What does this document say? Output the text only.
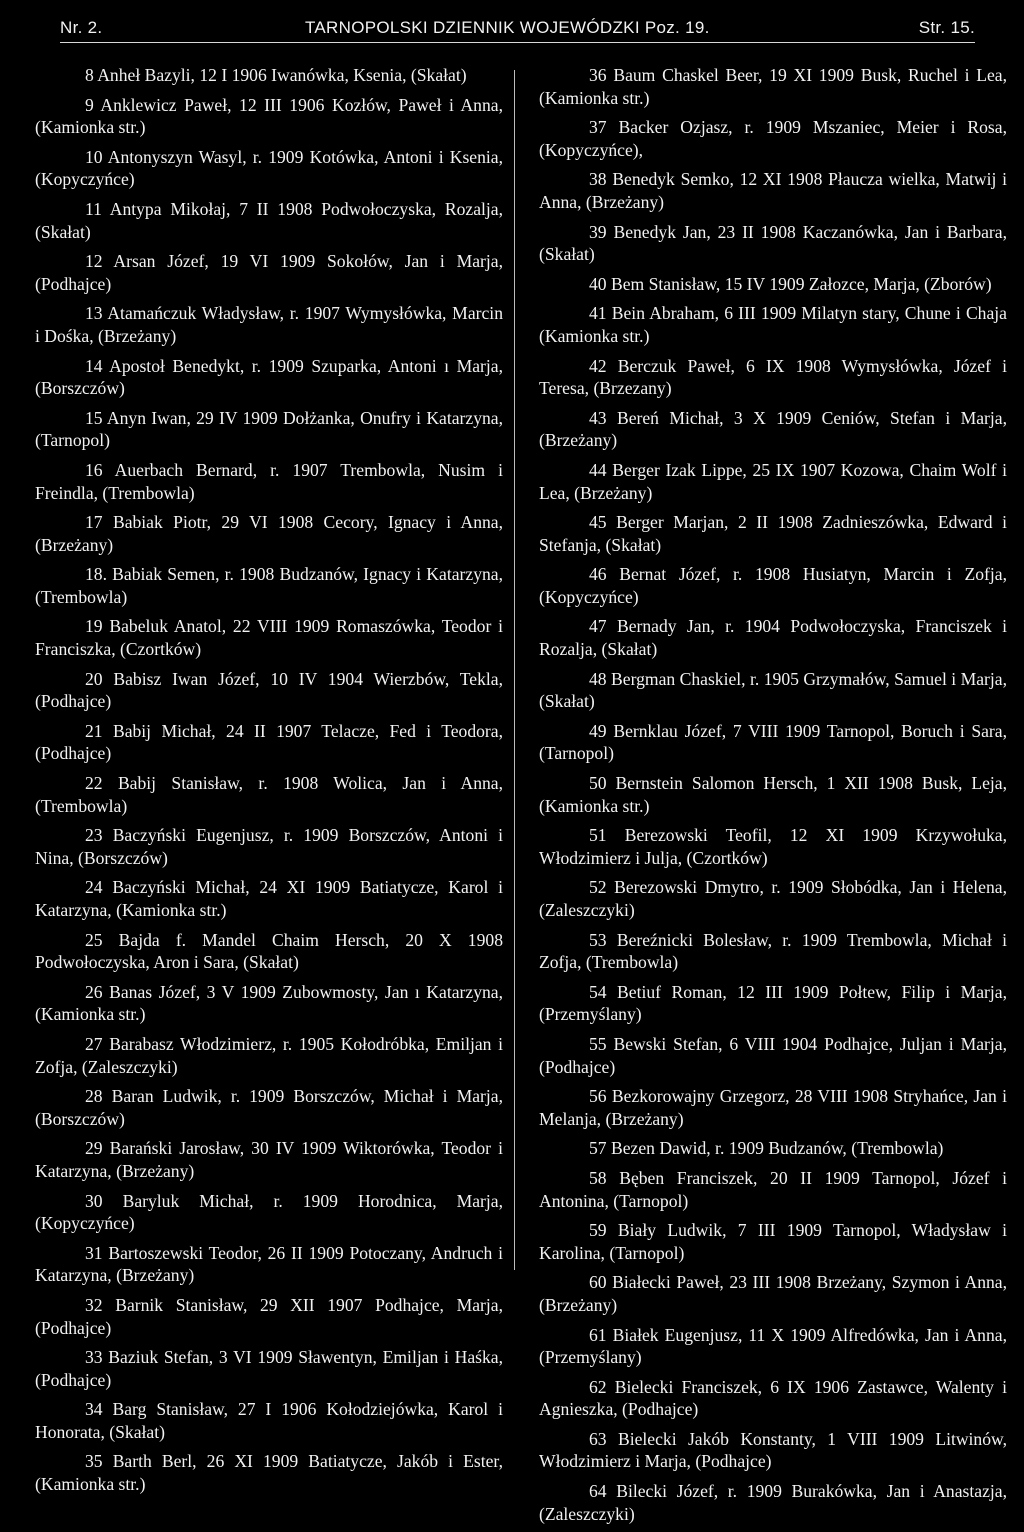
Nr. 2.	TARNOPOLSKI DZIENNIK WOJEWÓDZKI Poz. 19.	Str. 15.

8 Anheł Bazyli, 12 I 1906 Iwanówka, Ksenia, (Skałat)

9 Anklewicz Paweł, 12 III 1906 Kozłów, Paweł i Anna, (Kamionka str.)

10 Antonyszyn Wasyl, r. 1909 Kotówka, Antoni i Ksenia, (Kopyczyńce)

11 Antypa Mikołaj, 7 II 1908 Podwołoczyska, Rozalja, (Skałat)

12 Arsan Józef, 19 VI 1909 Sokołów, Jan i Marja, (Podhajce)

13 Atamańczuk Władysław, r. 1907 Wymysłówka, Marcin i Dośka, (Brzeżany)

14 Apostoł Benedykt, r. 1909 Szuparka, Antoni ı Marja, (Borszczów)

15 Anyn Iwan, 29 IV 1909 Dołżanka, Onufry i Katarzyna, (Tarnopol)

16 Auerbach Bernard, r. 1907 Trembowla, Nusim i Freindla, (Trembowla)

17 Babiak Piotr, 29 VI 1908 Cecory, Ignacy i Anna, (Brzeżany)

18. Babiak Semen, r. 1908 Budzanów, Ignacy i Katarzyna, (Trembowla)

19 Babeluk Anatol, 22 VIII 1909 Romaszówka, Teodor i Franciszka, (Czortków)

20 Babisz Iwan Józef, 10 IV 1904 Wierzbów, Tekla, (Podhajce)

21 Babij Michał, 24 II 1907 Telacze, Fed i Teodora, (Podhajce)

22 Babij Stanisław, r. 1908 Wolica, Jan i Anna, (Trembowla)

23 Baczyński Eugenjusz, r. 1909 Borszczów, Antoni i Nina, (Borszczów)

24 Baczyński Michał, 24 XI 1909 Batiatycze, Karol i Katarzyna, (Kamionka str.)

25 Bajda f. Mandel Chaim Hersch, 20 X 1908 Podwołoczyska, Aron i Sara, (Skałat)

26 Banas Józef, 3 V 1909 Zubowmosty, Jan ı Katarzyna, (Kamionka str.)

27 Barabasz Włodzimierz, r. 1905 Kołodróbka, Emiljan i Zofja, (Zaleszczyki)

28 Baran Ludwik, r. 1909 Borszczów, Michał i Marja, (Borszczów)

29 Barański Jarosław, 30 IV 1909 Wiktorówka, Teodor i Katarzyna, (Brzeżany)

30 Baryluk Michał, r. 1909 Horodnica, Marja, (Kopyczyńce)

31 Bartoszewski Teodor, 26 II 1909 Potoczany, Andruch i Katarzyna, (Brzeżany)

32 Barnik Stanisław, 29 XII 1907 Podhajce, Marja, (Podhajce)

33 Baziuk Stefan, 3 VI 1909 Sławentyn, Emiljan i Haśka, (Podhajce)

34 Barg Stanisław, 27 I 1906 Kołodziejówka, Karol i Honorata, (Skałat)

35 Barth Berl, 26 XI 1909 Batiatycze, Jakób i Ester, (Kamionka str.)

36 Baum Chaskel Beer, 19 XI 1909 Busk, Ruchel i Lea, (Kamionka str.)

37 Backer Ozjasz, r. 1909 Mszaniec, Meier i Rosa, (Kopyczyńce),

38 Benedyk Semko, 12 XI 1908 Płaucza wielka, Matwij i Anna, (Brzeżany)

39 Benedyk Jan, 23 II 1908 Kaczanówka, Jan i Barbara, (Skałat)

40 Bem Stanisław, 15 IV 1909 Załozce, Marja, (Zborów)

41 Bein Abraham, 6 III 1909 Milatyn stary, Chune i Chaja (Kamionka str.)

42 Berczuk Paweł, 6 IX 1908 Wymysłówka, Józef i Teresa, (Brzezany)

43 Bereń Michał, 3 X 1909 Ceniów, Stefan i Marja, (Brzeżany)

44 Berger Izak Lippe, 25 IX 1907 Kozowa, Chaim Wolf i Lea, (Brzeżany)

45 Berger Marjan, 2 II 1908 Zadnieszówka, Edward i Stefanja, (Skałat)

46 Bernat Józef, r. 1908 Husiatyn, Marcin i Zofja, (Kopyczyńce)

47 Bernady Jan, r. 1904 Podwołoczyska, Franciszek i Rozalja, (Skałat)

48 Bergman Chaskiel, r. 1905 Grzymałów, Samuel i Marja, (Skałat)

49 Bernklau Józef, 7 VIII 1909 Tarnopol, Boruch i Sara, (Tarnopol)

50 Bernstein Salomon Hersch, 1 XII 1908 Busk, Leja, (Kamionka str.)

51 Berezowski Teofil, 12 XI 1909 Krzywołuka, Włodzimierz i Julja, (Czortków)

52 Berezowski Dmytro, r. 1909 Słobódka, Jan i Helena, (Zaleszczyki)

53 Bereźnicki Bolesław, r. 1909 Trembowla, Michał i Zofja, (Trembowla)

54 Betiuf Roman, 12 III 1909 Połtew, Filip i Marja, (Przemyślany)

55 Bewski Stefan, 6 VIII 1904 Podhajce, Juljan i Marja, (Podhajce)

56 Bezkorowajny Grzegorz, 28 VIII 1908 Stryhańce, Jan i Melanja, (Brzeżany)

57 Bezen Dawid, r. 1909 Budzanów, (Trembowla)

58 Bęben Franciszek, 20 II 1909 Tarnopol, Józef i Antonina, (Tarnopol)

59 Biały Ludwik, 7 III 1909 Tarnopol, Władysław i Karolina, (Tarnopol)

60 Białecki Paweł, 23 III 1908 Brzeżany, Szymon i Anna, (Brzeżany)

61 Białek Eugenjusz, 11 X 1909 Alfredówka, Jan i Anna, (Przemyślany)

62 Bielecki Franciszek, 6 IX 1906 Zastawce, Walenty i Agnieszka, (Podhajce)

63 Bielecki Jakób Konstanty, 1 VIII 1909 Litwinów, Włodzimierz i Marja, (Podhajce)

64 Bilecki Józef, r. 1909 Burakówka, Jan i Anastazja, (Zaleszczyki)
